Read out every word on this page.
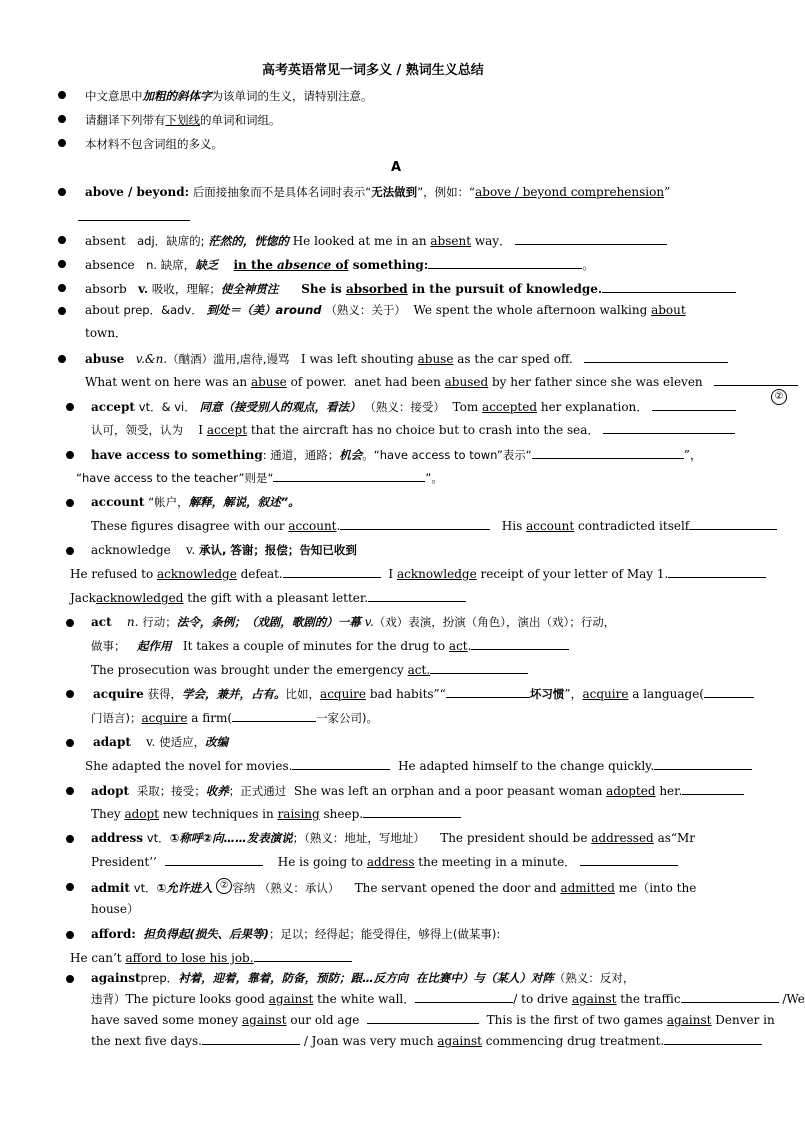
高考英语常见一词多义 / 熟词生义总结
中文意思中加粗的斜体字为该单词的生义，请特别注意。
请翻译下列带有下划线的单词和词组。
本材料不包含词组的多义。
A
above / beyond: 后面接抽象而不是具体名词时表示“无法做到”，例如：“above / beyond comprehension”
absent adj．缺席的; 茫然的，恍惚的 He looked at me in an absent way．
absence n. 缺席，缺乏 in the absence of something:	。
absorb v. 吸收，理解；使全神贯注 She is absorbed in the pursuit of knowledge.
about prep．&adv． 到处＝（美）around （熟义：关于） We spent the whole afternoon walking about
town．
abuse v.&n.（酗酒）滥用,虐待,谩骂 I was left shouting abuse as the car sped off.
What went on here was an abuse of power. anet had been abused by her father since she was eleven
accept vt．& vi． 同意（接受别人的观点，看法） （熟义：接受） Tom accepted her explanation．
②
认可，领受，认为 I accept that the aircraft has no choice but to crash into the sea．
have access to something: 通道，通路；机会。“have access to town”表示“	”，
“have access to the teacher”则是“	”。
account “帐户，解释，解说，叙述”。
These figures disagree with our account.	His account contradicted itself
acknowledge v. 承认, 答谢；报偿；告知已收到
He refused to acknowledge defeat.	I acknowledge receipt of your letter of May 1.
Jackacknowledged the gift with a pleasant letter.
act n. 行动；法令，条例；（戏剧，歌剧的）一幕 v.（戏）表演，扮演（角色），演出（戏）；行动，
做事； 起作用 It takes a couple of minutes for the drug to act.
The prosecution was brought under the emergency act.
acquire 获得，学会，兼并，占有。比如，acquire bad habits”“	坏习惯”，acquire a language(
门语言)；acquire a firm(	一家公司)。
adapt v. 使适应，改编
She adapted the novel for movies.	He adapted himself to the change quickly.
adopt 采取；接受；收养；正式通过 She was left an orphan and a poor peasant woman adopted her.
They adopt new techniques in raising sheep.
address vt．①称呼②向……发表演说；（熟义：地址，写地址） The president should be addressed as“Mr
President’’	He is going to address the meeting in a minute．
admit vt．①允许进入 ② 容纳 （熟义：承认） The servant opened the door and admitted me（into the
house）
afford: 担负得起(损失、后果等)；足以；经得起；能受得住，够得上(做某事):
He can’t afford to lose his job.
againstprep．衬着，迎着，靠着，防备，预防；跟…反方向 在比赛中）与（某人）对阵（熟义：反对，
违背）The picture looks good against the white wall．	/ to drive against the traffic	/We
have saved some money against our old age	This is the first of two games against Denver in
the next five days.	/ Joan was very much against commencing drug treatment.
